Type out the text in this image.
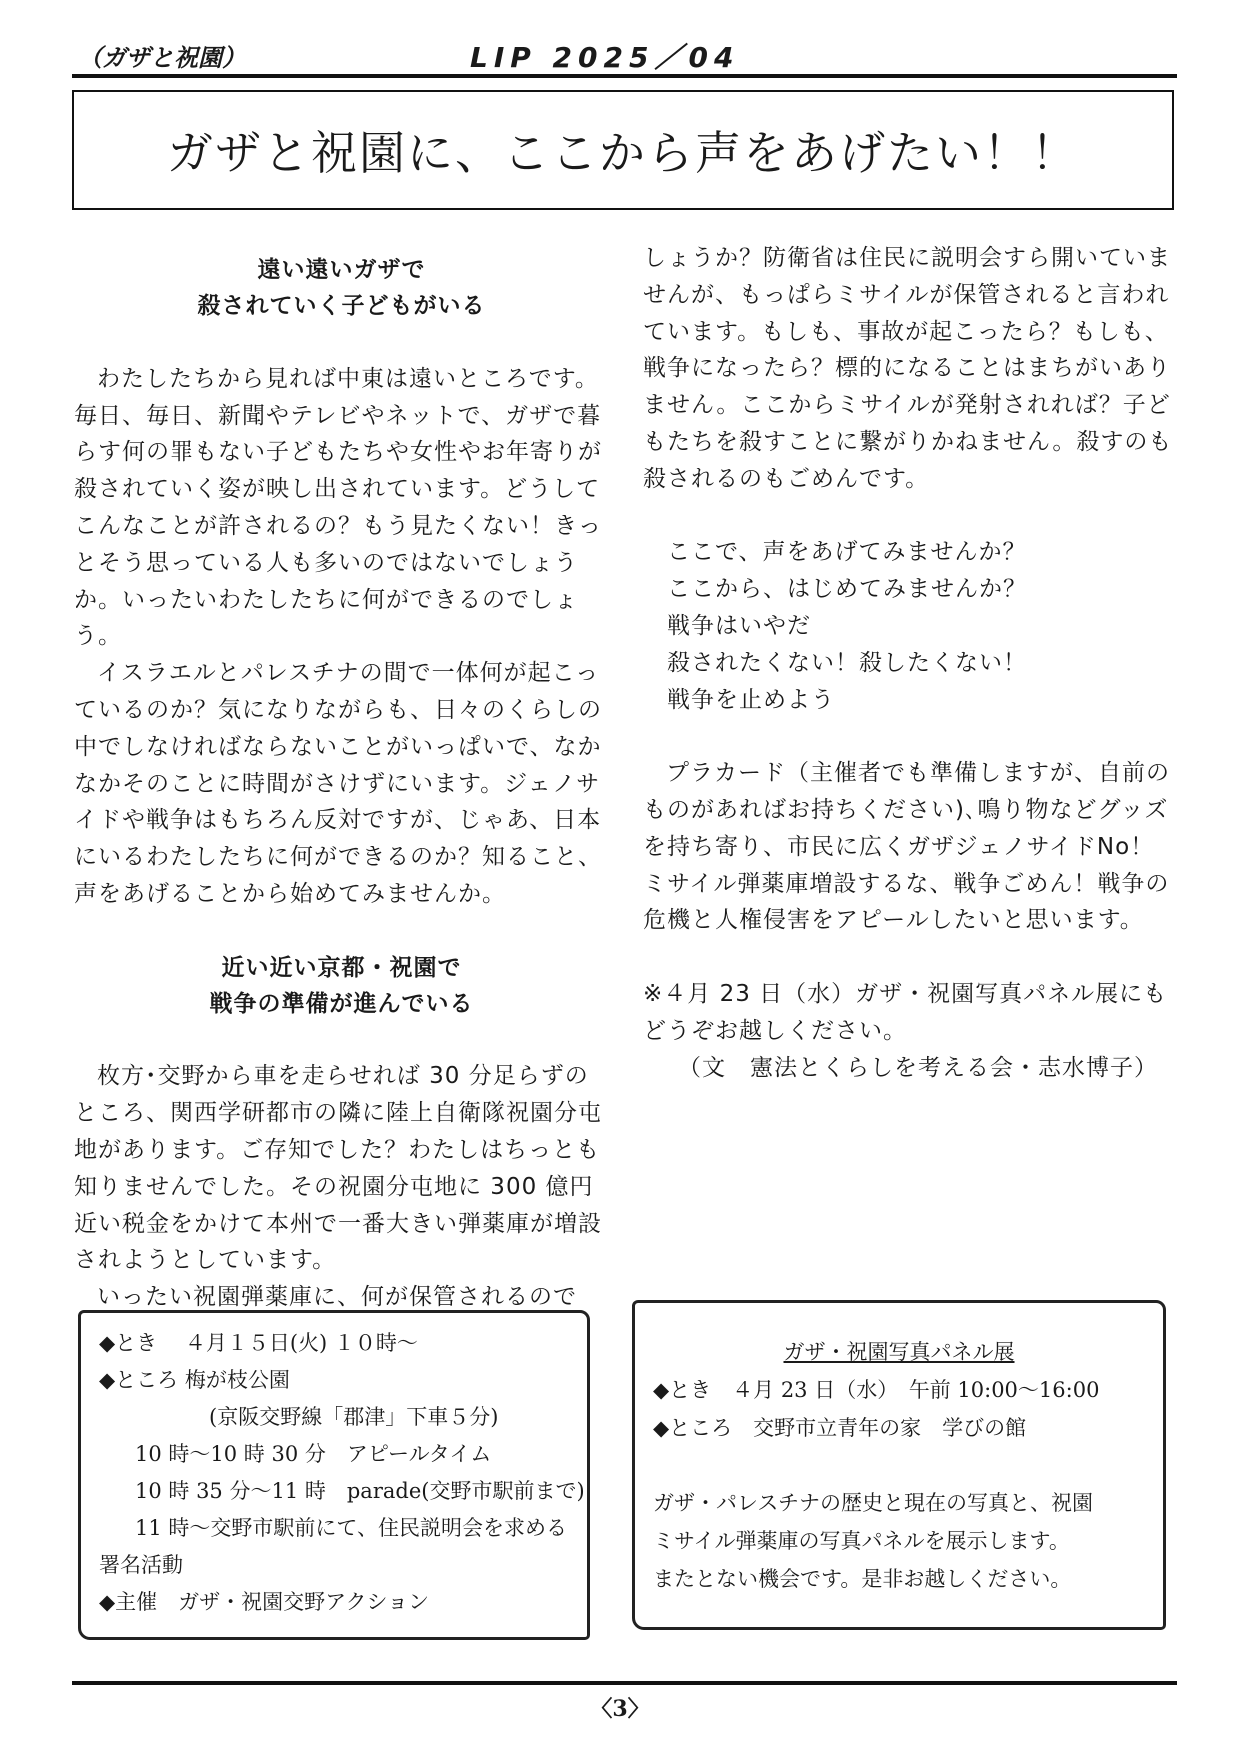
（ガザと祝園）	LIP 2025／04
ガザと祝園に、ここから声をあげたい！！
遠い遠いガザで
殺されていく子どもがいる

わたしたちから見れば中東は遠いところです。毎日、毎日、新聞やテレビやネットで、ガザで暮らす何の罪もない子どもたちや女性やお年寄りが殺されていく姿が映し出されています。どうしてこんなことが許されるの？もう見たくない！きっとそう思っている人も多いのではないでしょうか。いったいわたしたちに何ができるのでしょう。

イスラエルとパレスチナの間で一体何が起こっているのか？気になりながらも、日々のくらしの中でしなければならないことがいっぱいで、なかなかそのことに時間がさけずにいます。ジェノサイドや戦争はもちろん反対ですが、じゃあ、日本にいるわたしたちに何ができるのか？知ること、声をあげることから始めてみませんか。

近い近い京都・祝園で
戦争の準備が進んでいる

枚方･交野から車を走らせれば 30 分足らずのところ、関西学研都市の隣に陸上自衛隊祝園分屯地があります。ご存知でした？わたしはちっとも知りませんでした。その祝園分屯地に 300 億円近い税金をかけて本州で一番大きい弾薬庫が増設されようとしています。

いったい祝園弾薬庫に、何が保管されるので

しょうか？防衛省は住民に説明会すら開いていませんが、もっぱらミサイルが保管されると言われています。もしも、事故が起こったら？もしも、戦争になったら？標的になることはまちがいありません。ここからミサイルが発射されれば？子どもたちを殺すことに繋がりかねません。殺すのも殺されるのもごめんです。

ここで、声をあげてみませんか？
ここから、はじめてみませんか？
戦争はいやだ
殺されたくない！殺したくない！
戦争を止めよう

プラカード（主催者でも準備しますが、自前のものがあればお持ちください)､鳴り物などグッズを持ち寄り、市民に広くガザジェノサイドNo！ミサイル弾薬庫増設するな、戦争ごめん！戦争の危機と人権侵害をアピールしたいと思います。

※４月 23 日（水）ガザ・祝園写真パネル展にもどうぞお越しください。

（文　憲法とくらしを考える会・志水博子）
◆とき　 ４月１５日(火) １０時～
◆ところ 梅が枝公園
(京阪交野線「郡津」下車５分)
10 時～10 時 30 分　アピールタイム
10 時 35 分～11 時　parade(交野市駅前まで)
11 時～交野市駅前にて、住民説明会を求める
署名活動
◆主催　ガザ・祝園交野アクション
ガザ・祝園写真パネル展
◆とき　４月 23 日（水）　午前 10:00～16:00
◆ところ　交野市立青年の家　学びの館
ガザ・パレスチナの歴史と現在の写真と、祝園
ミサイル弾薬庫の写真パネルを展示します。
またとない機会です。是非お越しください。
〈3〉
